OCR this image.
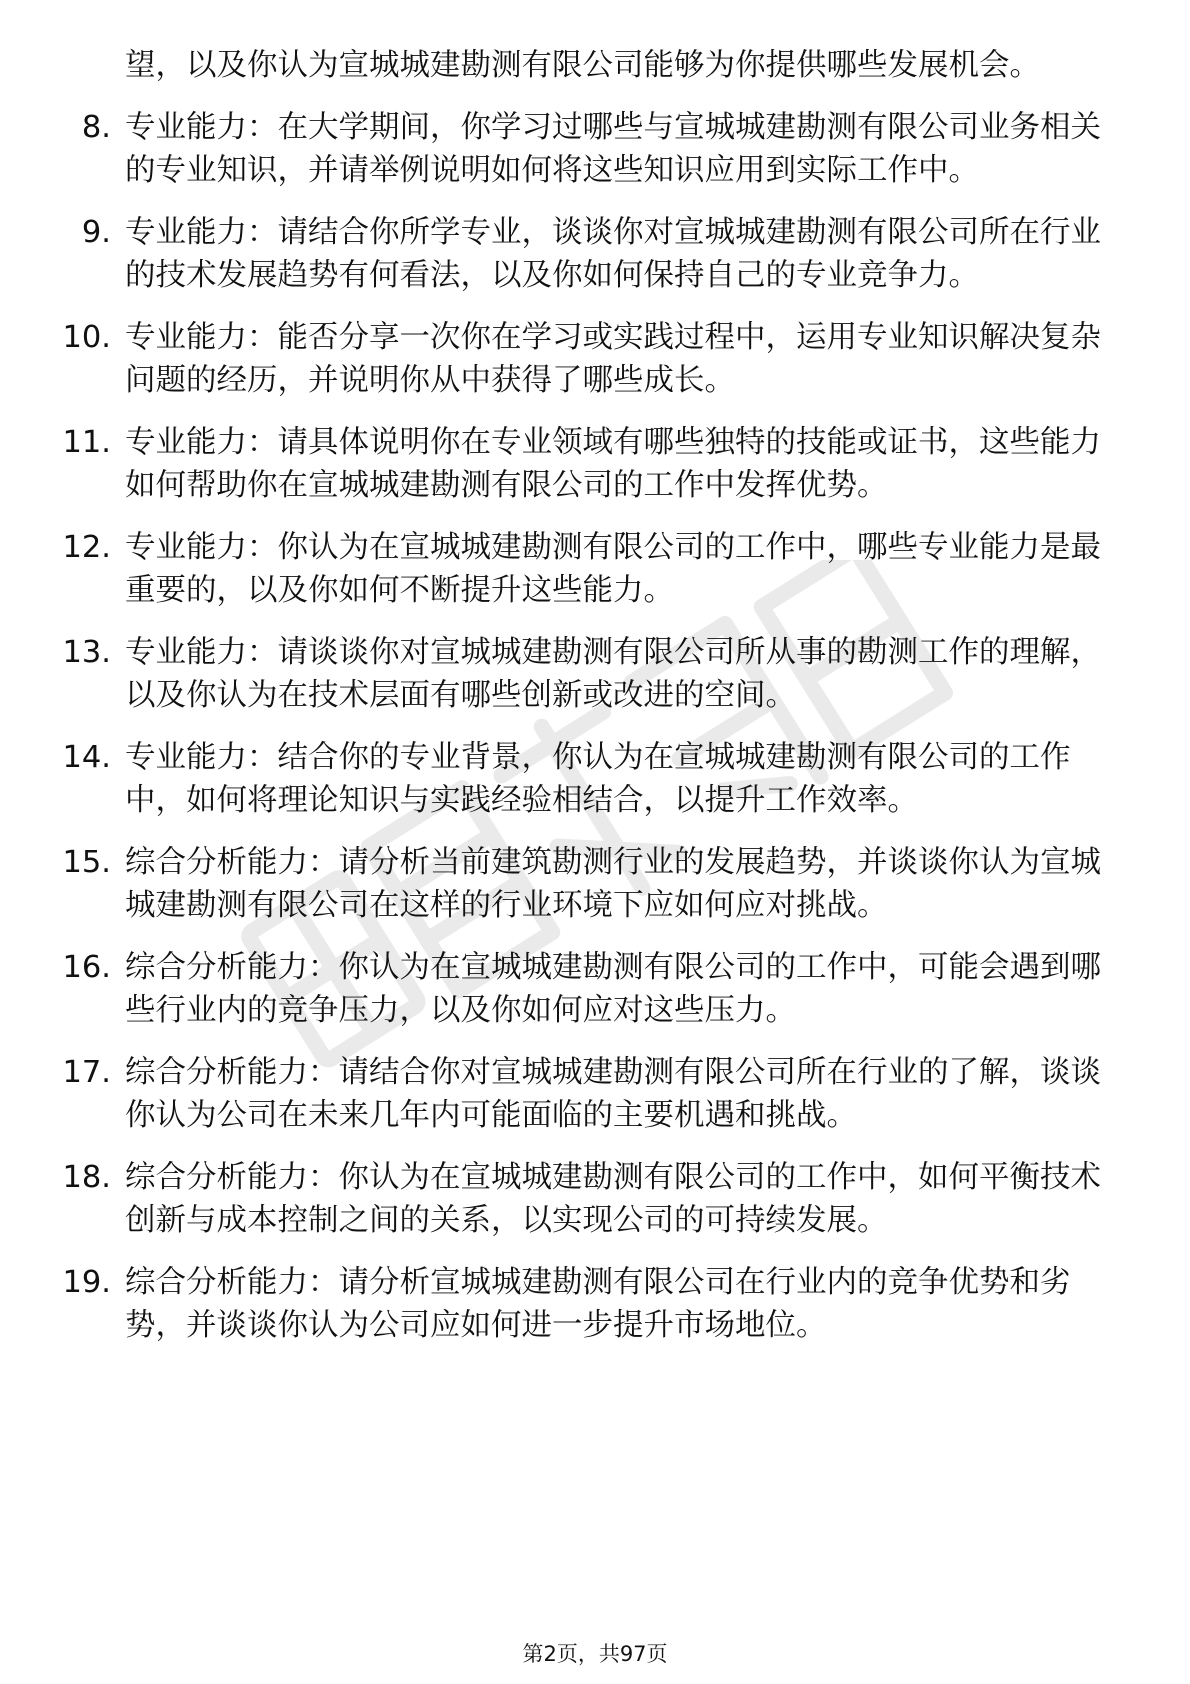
望，以及你认为宣城城建勘测有限公司能够为你提供哪些发展机会。
8. 专业能力：在大学期间，你学习过哪些与宣城城建勘测有限公司业务相关的专业知识，并请举例说明如何将这些知识应用到实际工作中。
9. 专业能力：请结合你所学专业，谈谈你对宣城城建勘测有限公司所在行业的技术发展趋势有何看法，以及你如何保持自己的专业竞争力。
10. 专业能力：能否分享一次你在学习或实践过程中，运用专业知识解决复杂问题的经历，并说明你从中获得了哪些成长。
11. 专业能力：请具体说明你在专业领域有哪些独特的技能或证书，这些能力如何帮助你在宣城城建勘测有限公司的工作中发挥优势。
12. 专业能力：你认为在宣城城建勘测有限公司的工作中，哪些专业能力是最重要的，以及你如何不断提升这些能力。
13. 专业能力：请谈谈你对宣城城建勘测有限公司所从事的勘测工作的理解，以及你认为在技术层面有哪些创新或改进的空间。
14. 专业能力：结合你的专业背景，你认为在宣城城建勘测有限公司的工作中，如何将理论知识与实践经验相结合，以提升工作效率。
15. 综合分析能力：请分析当前建筑勘测行业的发展趋势，并谈谈你认为宣城城建勘测有限公司在这样的行业环境下应如何应对挑战。
16. 综合分析能力：你认为在宣城城建勘测有限公司的工作中，可能会遇到哪些行业内的竞争压力，以及你如何应对这些压力。
17. 综合分析能力：请结合你对宣城城建勘测有限公司所在行业的了解，谈谈你认为公司在未来几年内可能面临的主要机遇和挑战。
18. 综合分析能力：你认为在宣城城建勘测有限公司的工作中，如何平衡技术创新与成本控制之间的关系，以实现公司的可持续发展。
19. 综合分析能力：请分析宣城城建勘测有限公司在行业内的竞争优势和劣势，并谈谈你认为公司应如何进一步提升市场地位。
第2页，共97页
